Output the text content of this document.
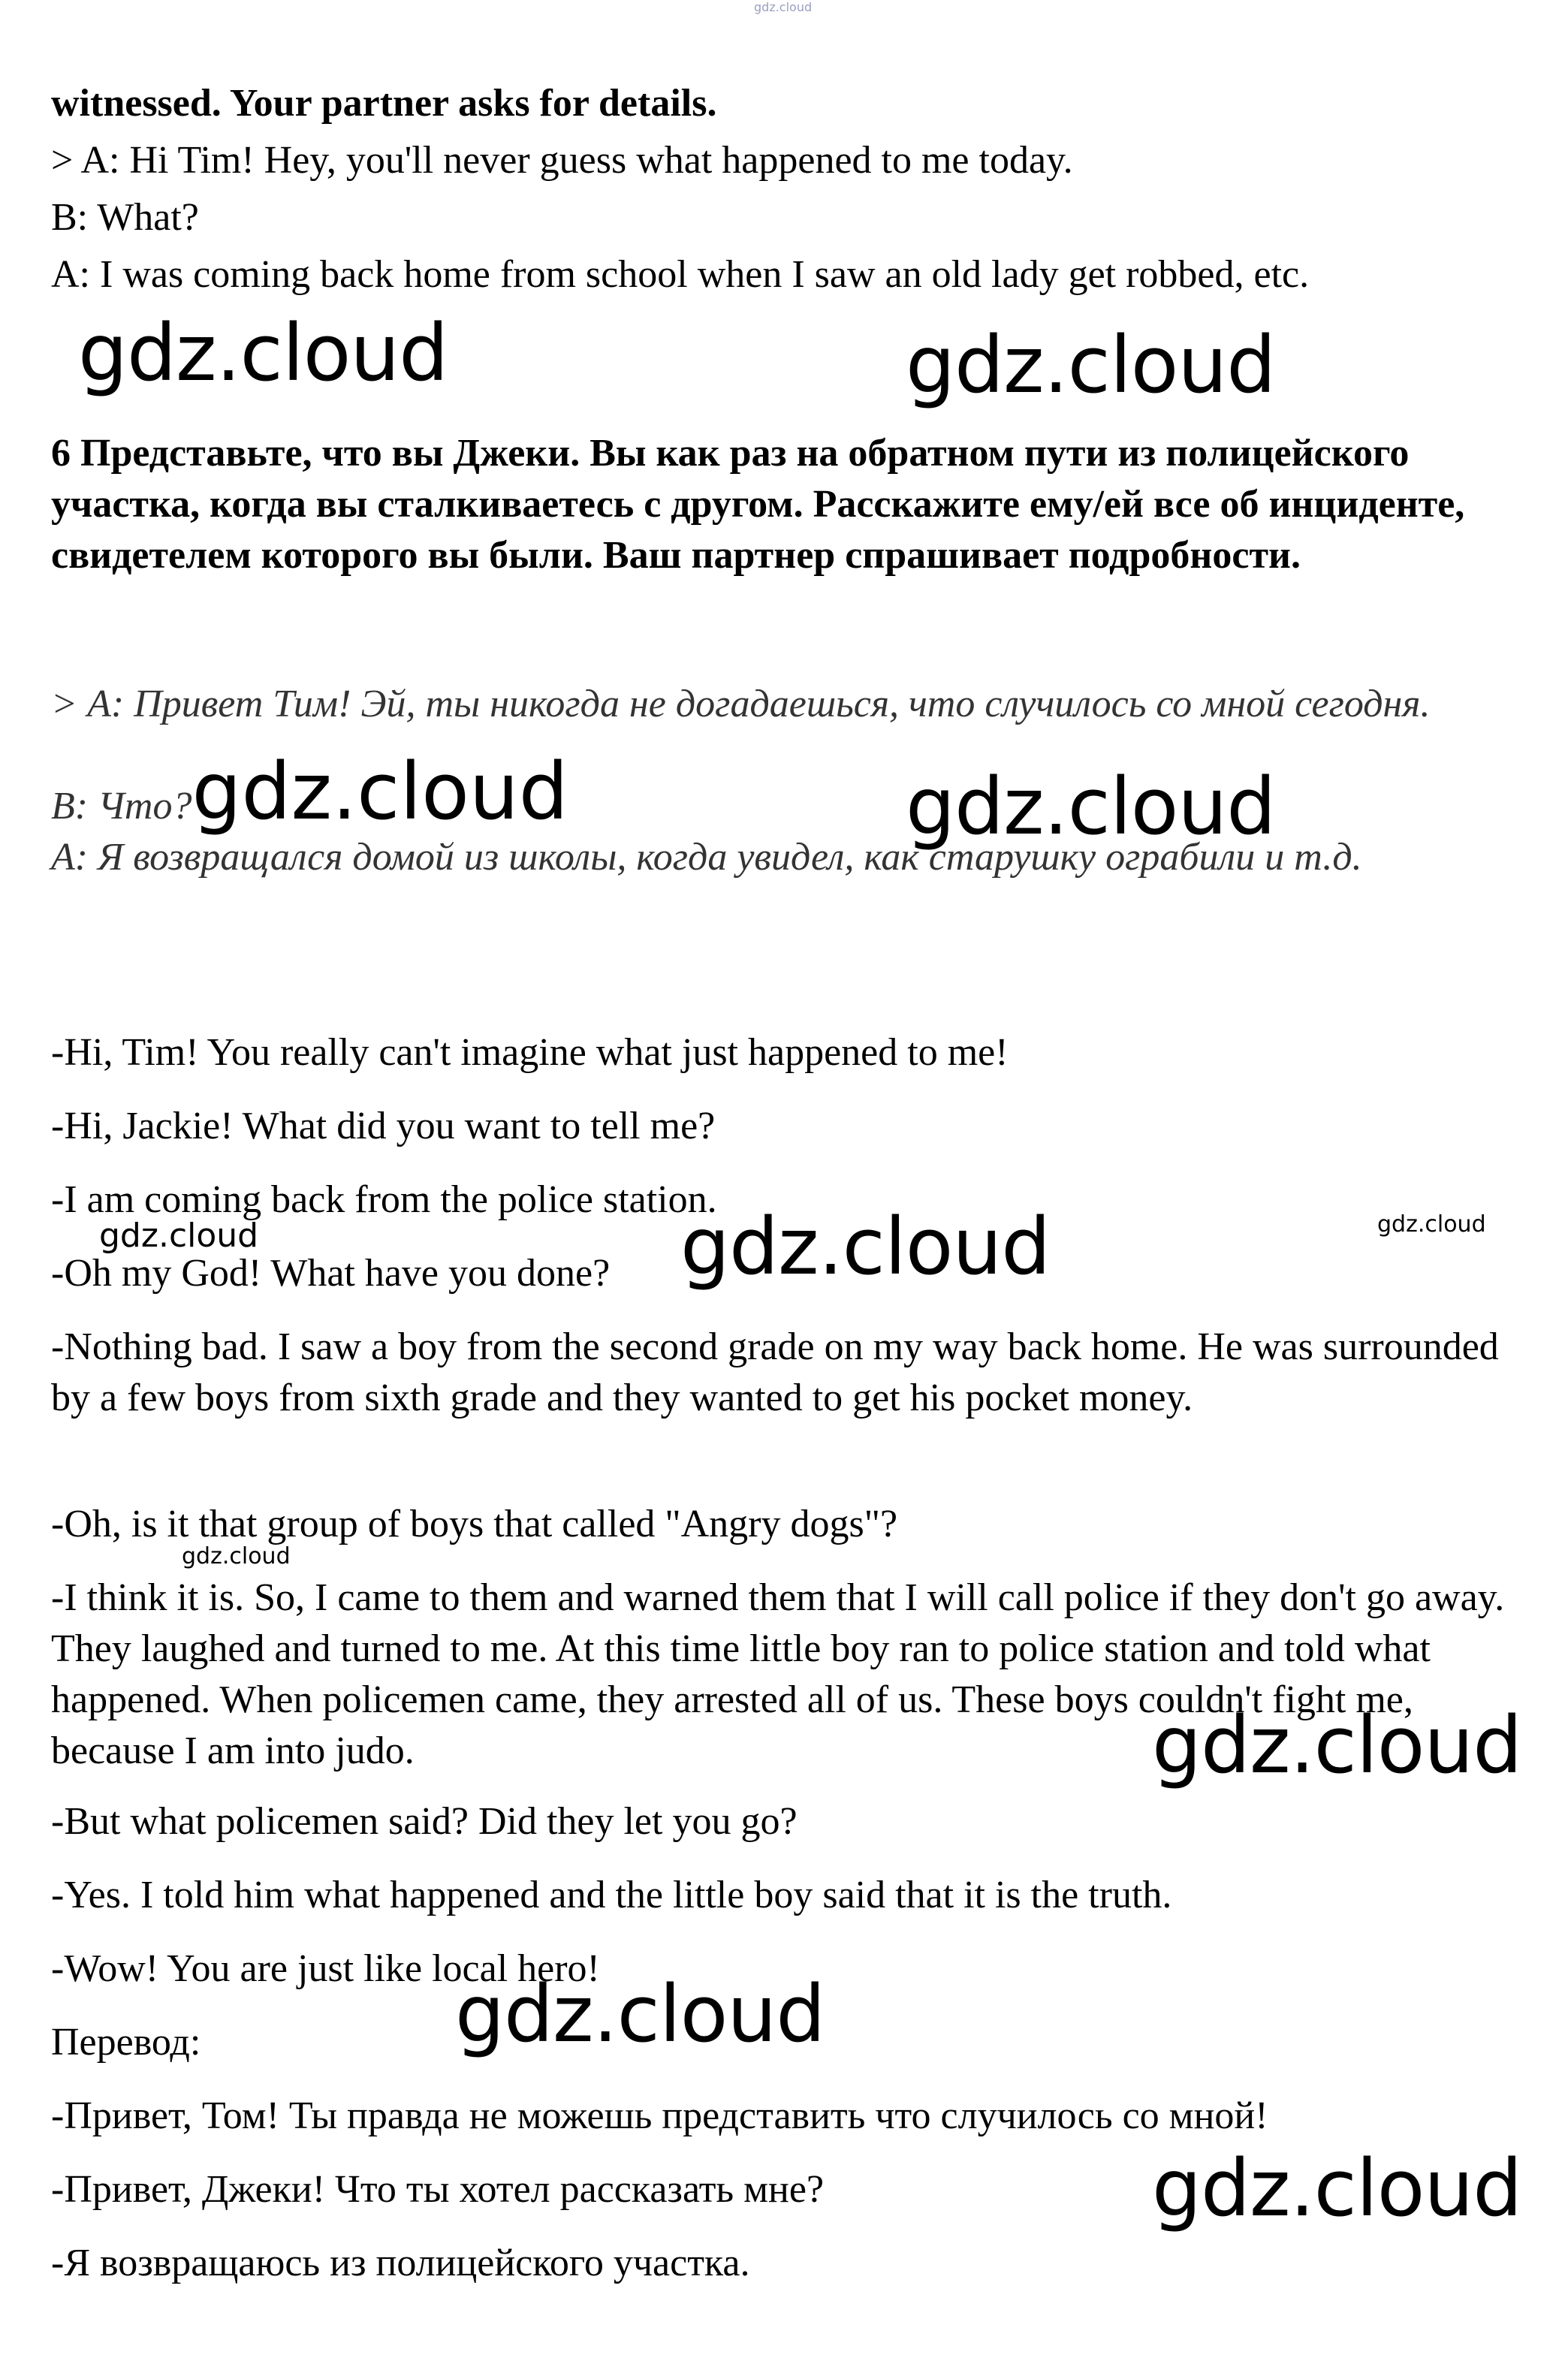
gdz.cloud

witnessed. Your partner asks for details.

> A: Hi Tim! Hey, you'll never guess what happened to me today.

B: What?

A: I was coming back home from school when I saw an old lady get robbed, etc.

gdz.cloud	gdz.cloud

6 Представьте, что вы Джеки. Вы как раз на обратном пути из полицейского участка, когда вы сталкиваетесь с другом. Расскажите ему/ей все об инциденте, свидетелем которого вы были. Ваш партнер спрашивает подробности.

> А: Привет Тим! Эй, ты никогда не догадаешься, что случилось со мной сегодня.

В: Что?gdz.cloud

А: Я возвращался домой из школы, когда увидел, как старушку ограбили и т.д.

gdz.cloud

-Hi, Tim! You really can't imagine what just happened to me!

-Hi, Jackie! What did you want to tell me?

-I am coming back from the police station.

gdz.cloud	gdz.cloud

-Oh my God! What have you done? gdz.cloud

-Nothing bad. I saw a boy from the second grade on my way back home. He was surrounded by a few boys from sixth grade and they wanted to get his pocket money.

-Oh, is it that group of boys that called "Angry dogs"?

gdz.cloud

-I think it is. So, I came to them and warned them that I will call police if they don't go away. They laughed and turned to me. At this time little boy ran to police station and told what happened. When policemen came, they arrested all of us. These boys couldn't fight me, because I am into judo.	gdz.cloud

-But what policemen said? Did they let you go?

-Yes. I told him what happened and the little boy said that it is the truth.

-Wow! You are just like local hero!

gdz.cloud

Перевод:

-Привет, Том! Ты правда не можешь представить что случилось со мной!

-Привет, Джеки! Что ты хотел рассказать мне?	gdz.cloud

-Я возвращаюсь из полицейского участка.
